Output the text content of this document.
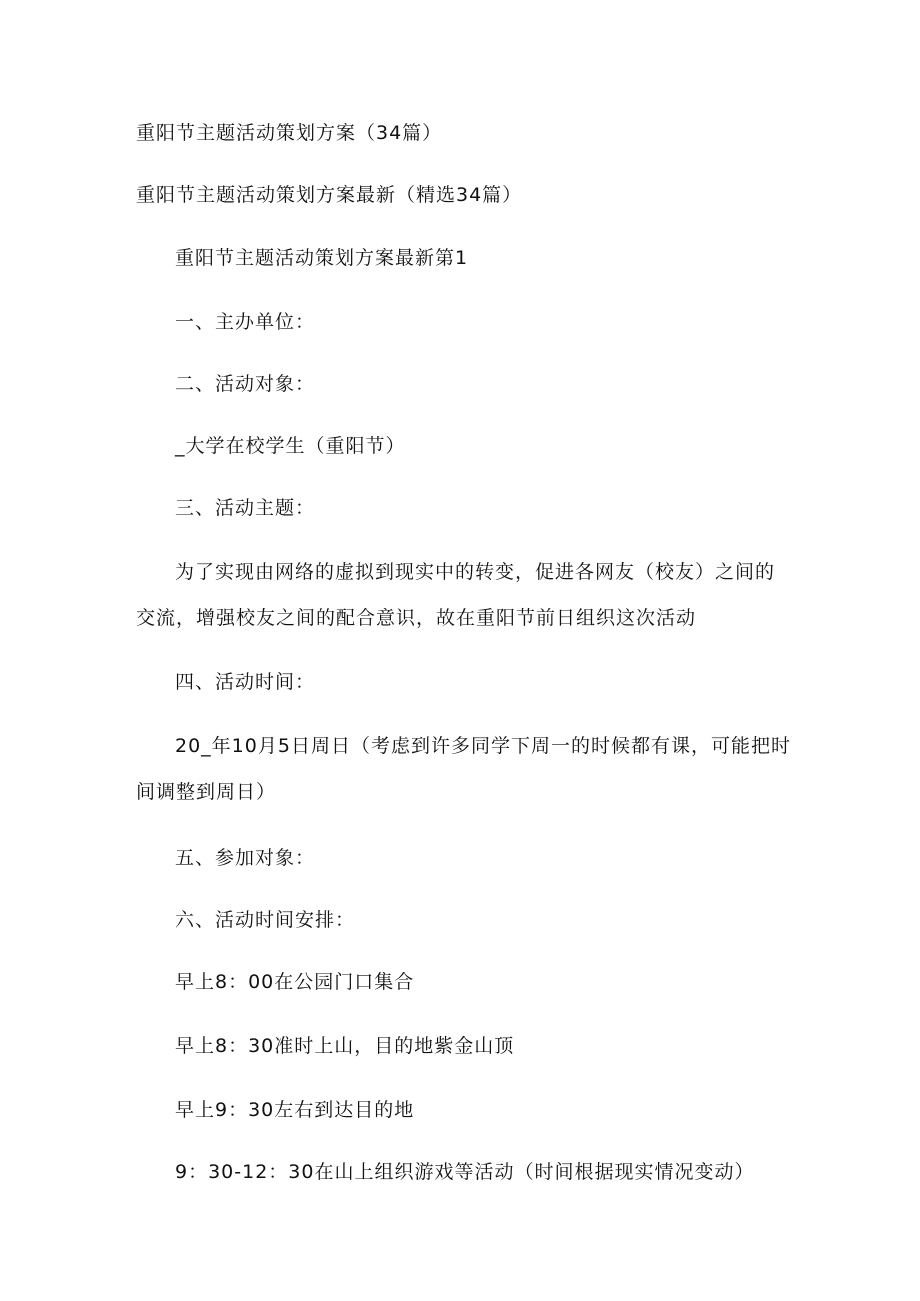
重阳节主题活动策划方案（34篇）
重阳节主题活动策划方案最新（精选34篇）
重阳节主题活动策划方案最新第1
一、主办单位：
二、活动对象：
_大学在校学生（重阳节）
三、活动主题：
为了实现由网络的虚拟到现实中的转变，促进各网友（校友）之间的
交流，增强校友之间的配合意识，故在重阳节前日组织这次活动
四、活动时间：
20_年10月5日周日（考虑到许多同学下周一的时候都有课，可能把时
间调整到周日）
五、参加对象：
六、活动时间安排：
早上8：00在公园门口集合
早上8：30准时上山，目的地紫金山顶
早上9：30左右到达目的地
9：30-12：30在山上组织游戏等活动（时间根据现实情况变动）
